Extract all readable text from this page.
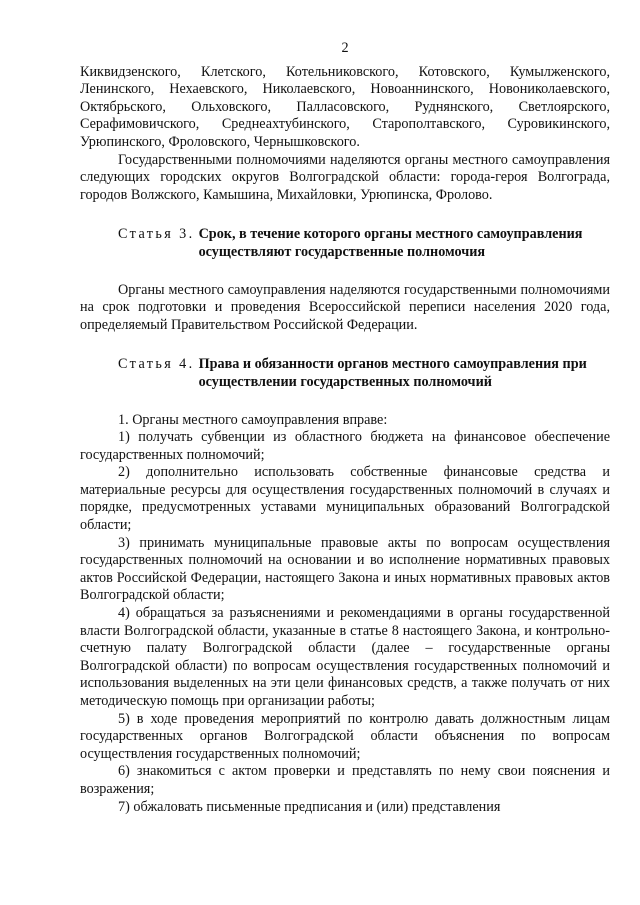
2

Киквидзенского, Клетского, Котельниковского, Котовского, Кумылженского, Ленинского, Нехаевского, Николаевского, Новоаннинского, Новониколаевского, Октябрьского, Ольховского, Палласовского, Руднянского, Светлоярского, Серафимовичского, Среднеахтубинского, Старополтавского, Суровикинского, Урюпинского, Фроловского, Чернышковского.

Государственными полномочиями наделяются органы местного самоуправления следующих городских округов Волгоградской области: города-героя Волгограда, городов Волжского, Камышина, Михайловки, Урюпинска, Фролово.

Статья 3. Срок, в течение которого органы местного самоуправления осуществляют государственные полномочия

Органы местного самоуправления наделяются государственными полномочиями на срок подготовки и проведения Всероссийской переписи населения 2020 года, определяемый Правительством Российской Федерации.

Статья 4. Права и обязанности органов местного самоуправления при осуществлении государственных полномочий

1. Органы местного самоуправления вправе:

1) получать субвенции из областного бюджета на финансовое обеспечение государственных полномочий;

2) дополнительно использовать собственные финансовые средства и материальные ресурсы для осуществления государственных полномочий в случаях и порядке, предусмотренных уставами муниципальных образований Волгоградской области;

3) принимать муниципальные правовые акты по вопросам осуществления государственных полномочий на основании и во исполнение нормативных правовых актов Российской Федерации, настоящего Закона и иных нормативных правовых актов Волгоградской области;

4) обращаться за разъяснениями и рекомендациями в органы государственной власти Волгоградской области, указанные в статье 8 настоящего Закона, и контрольно-счетную палату Волгоградской области (далее – государственные органы Волгоградской области) по вопросам осуществления государственных полномочий и использования выделенных на эти цели финансовых средств, а также получать от них методическую помощь при организации работы;

5) в ходе проведения мероприятий по контролю давать должностным лицам государственных органов Волгоградской области объяснения по вопросам осуществления государственных полномочий;

6) знакомиться с актом проверки и представлять по нему свои пояснения и возражения;

7) обжаловать письменные предписания и (или) представления
